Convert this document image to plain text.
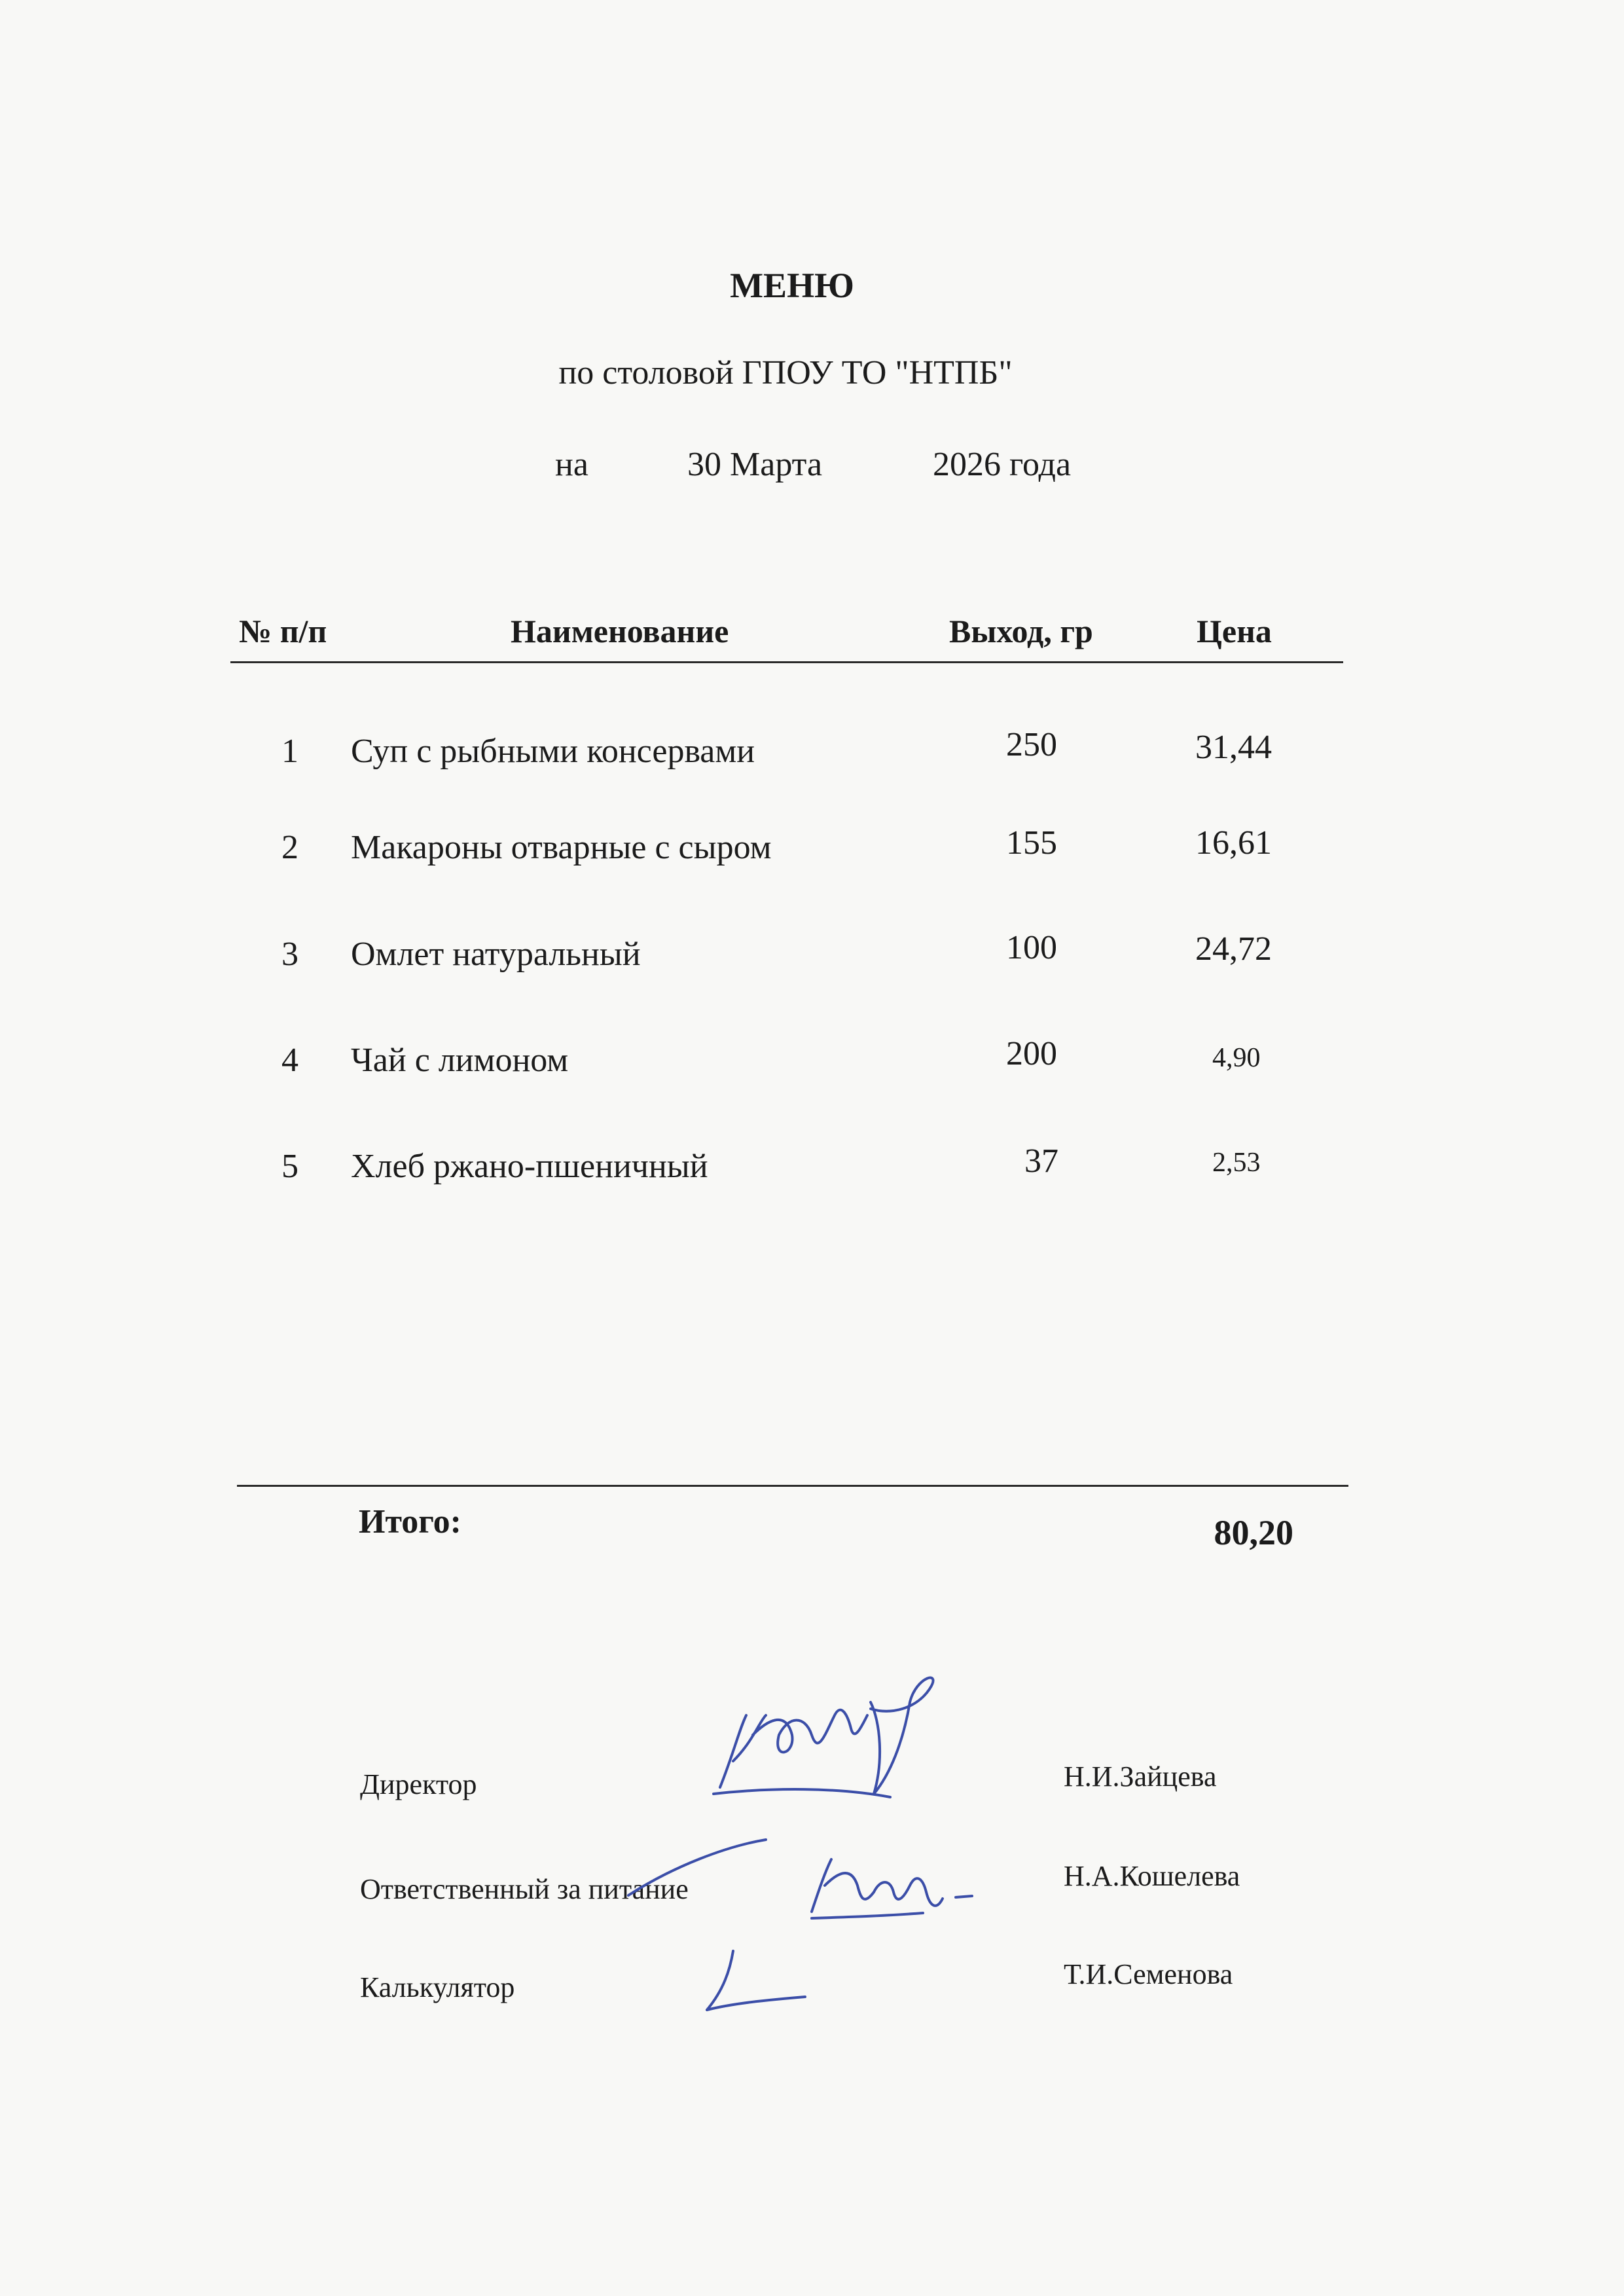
МЕНЮ
по столовой ГПОУ ТО "НТПБ"
на	30 Марта	2026 года
№ п/п	Наименование	Выход, гр	Цена
1 Суп с рыбными консервами	250	31,44
2 Макароны отварные с сыром	155	16,61
3 Омлет натуральный	100	24,72
4 Чай с лимоном	200	4,90
5 Хлеб ржано-пшеничный	37	2,53
Итого:	80,20
Директор	Н.И.Зайцева
Ответственный за питание	Н.А.Кошелева
Калькулятор	Т.И.Семенова
